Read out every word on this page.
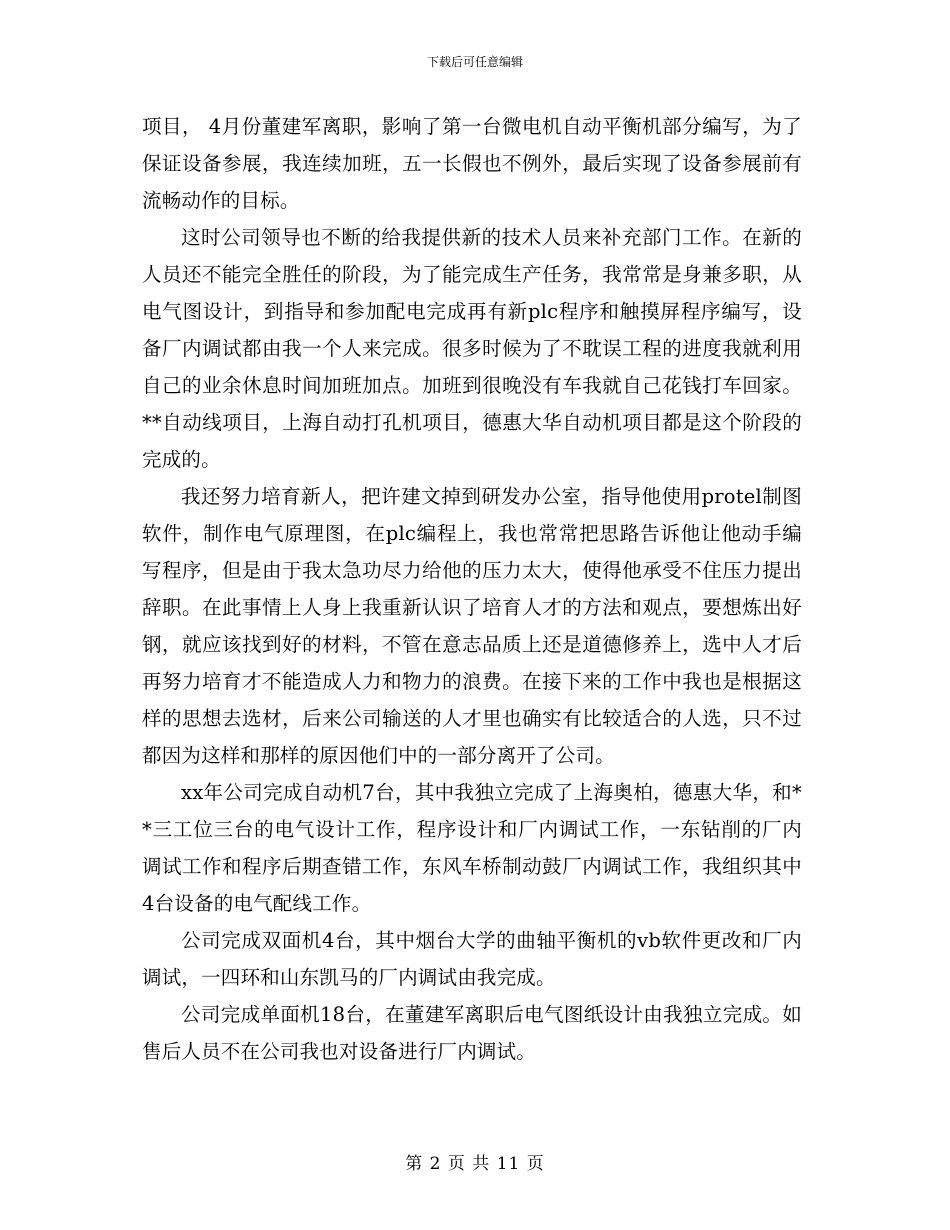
下载后可任意编辑

项目， 4月份董建军离职，影响了第一台微电机自动平衡机部分编写，为了保证设备参展，我连续加班，五一长假也不例外，最后实现了设备参展前有流畅动作的目标。

这时公司领导也不断的给我提供新的技术人员来补充部门工作。在新的人员还不能完全胜任的阶段，为了能完成生产任务，我常常是身兼多职，从电气图设计，到指导和参加配电完成再有新plc程序和触摸屏程序编写，设备厂内调试都由我一个人来完成。很多时候为了不耽误工程的进度我就利用自己的业余休息时间加班加点。加班到很晚没有车我就自己花钱打车回家。**自动线项目，上海自动打孔机项目，德惠大华自动机项目都是这个阶段的完成的。

我还努力培育新人，把许建文掉到研发办公室，指导他使用protel制图软件，制作电气原理图，在plc编程上，我也常常把思路告诉他让他动手编写程序，但是由于我太急功尽力给他的压力太大，使得他承受不住压力提出辞职。在此事情上人身上我重新认识了培育人才的方法和观点，要想炼出好钢，就应该找到好的材料，不管在意志品质上还是道德修养上，选中人才后再努力培育才不能造成人力和物力的浪费。在接下来的工作中我也是根据这样的思想去选材，后来公司输送的人才里也确实有比较适合的人选，只不过都因为这样和那样的原因他们中的一部分离开了公司。

xx年公司完成自动机7台，其中我独立完成了上海奥柏，德惠大华，和**三工位三台的电气设计工作，程序设计和厂内调试工作，一东钻削的厂内调试工作和程序后期查错工作，东风车桥制动鼓厂内调试工作，我组织其中4台设备的电气配线工作。

公司完成双面机4台，其中烟台大学的曲轴平衡机的vb软件更改和厂内调试，一四环和山东凯马的厂内调试由我完成。

公司完成单面机18台，在董建军离职后电气图纸设计由我独立完成。如售后人员不在公司我也对设备进行厂内调试。

第 2 页 共 11 页
